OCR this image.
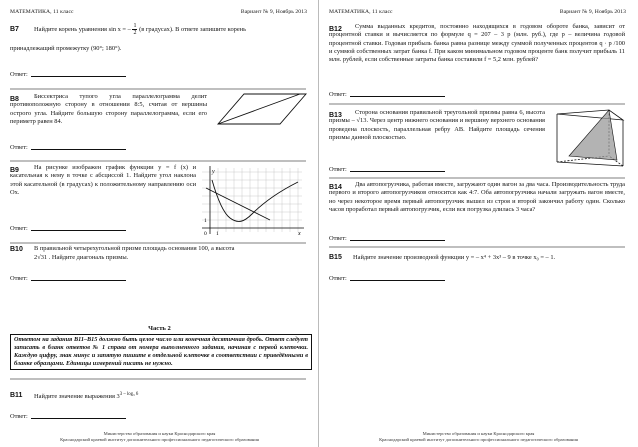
МАТЕМАТИКА, 11 класс	Вариант № 9, Ноябрь 2013
B7 Найдите корень уравнения sin x = – $\frac{1}{2} (в$ градусах). В ответе запишите корень
принадлежащий промежутку (90°; 180°).
Ответ:
B8	Биссектриса тупого угла параллелограмма делит противоположную сторону в отношении 8:5, считая от вершины острого угла. Найдите большую сторону параллелограмма, если его периметр равен 84.
Ответ:
B9	На рисунке изображен график функции y = f (x) и касательная к нему в точке с абсциссой 1. Найдите угол наклона этой касательной (в градусах) к положительному направлению оси Ox.
y
x
0 1
1
Ответ:
B10 В правильной четырехугольной призме площадь основания 100, а высота
2√31 . Найдите диагональ призмы.
Ответ:
Часть 2
Ответом на задания B11–B15 должно быть целое число или конечная десятичная дробь. Ответ следует записать в бланк ответов № 1 справа от номера выполненного задания, начиная с первой клеточки. Каждую цифру, знак минус и запятую пишите в отдельной клеточке в соответствии с приведёнными в бланке образцами. Единицы измерений писать не нужно.
B11 Найдите значение выражения $3^{3 - log_3 6}$
Ответ:
Министерство образования и науки Краснодарского края
Краснодарский краевой институт дополнительного профессионального педагогического образования
МАТЕМАТИКА, 11 класс	Вариант № 9, Ноябрь 2013
B12	Сумма выданных кредитов, постоянно находящихся в годовом обороте банка, зависит от процентной ставки и вычисляется по формуле q = 207 – 3 p (млн. руб.), где p – величина годовой процентной ставки. Годовая прибыль банка равна разнице между суммой полученных процентов q · p /100 и суммой собственных затрат банка f. При каком минимальном годовом проценте банк получит прибыль 11 млн. рублей, если собственные затраты банка составили f = 5,2 млн. рублей?
Ответ:
B13	Сторона основания правильной треугольной призмы равна 6, высота призмы – √13. Через центр нижнего основания и вершину верхнего основания проведена плоскость, параллельная ребру AB. Найдите площадь сечения призмы данной плоскостью.
Ответ:
B14	Два автопогрузчика, работая вместе, загружают один вагон за два часа. Производительность труда первого и второго автопогрузчиков относится как 4:7. Оба автопогрузчика начали загружать вагон вместе, но через некоторое время первый автопогрузчик вышел из строя и второй закончил работу один. Сколько часов проработал первый автопогрузчик, если вся погрузка длилась 3 часа?
Ответ:
B15 Найдите значение производной функции y = – x⁴ + 3x³ – 9 в точке x₀ = – 1.
Ответ:
Министерство образования и науки Краснодарского края
Краснодарский краевой институт дополнительного профессионального педагогического образования
